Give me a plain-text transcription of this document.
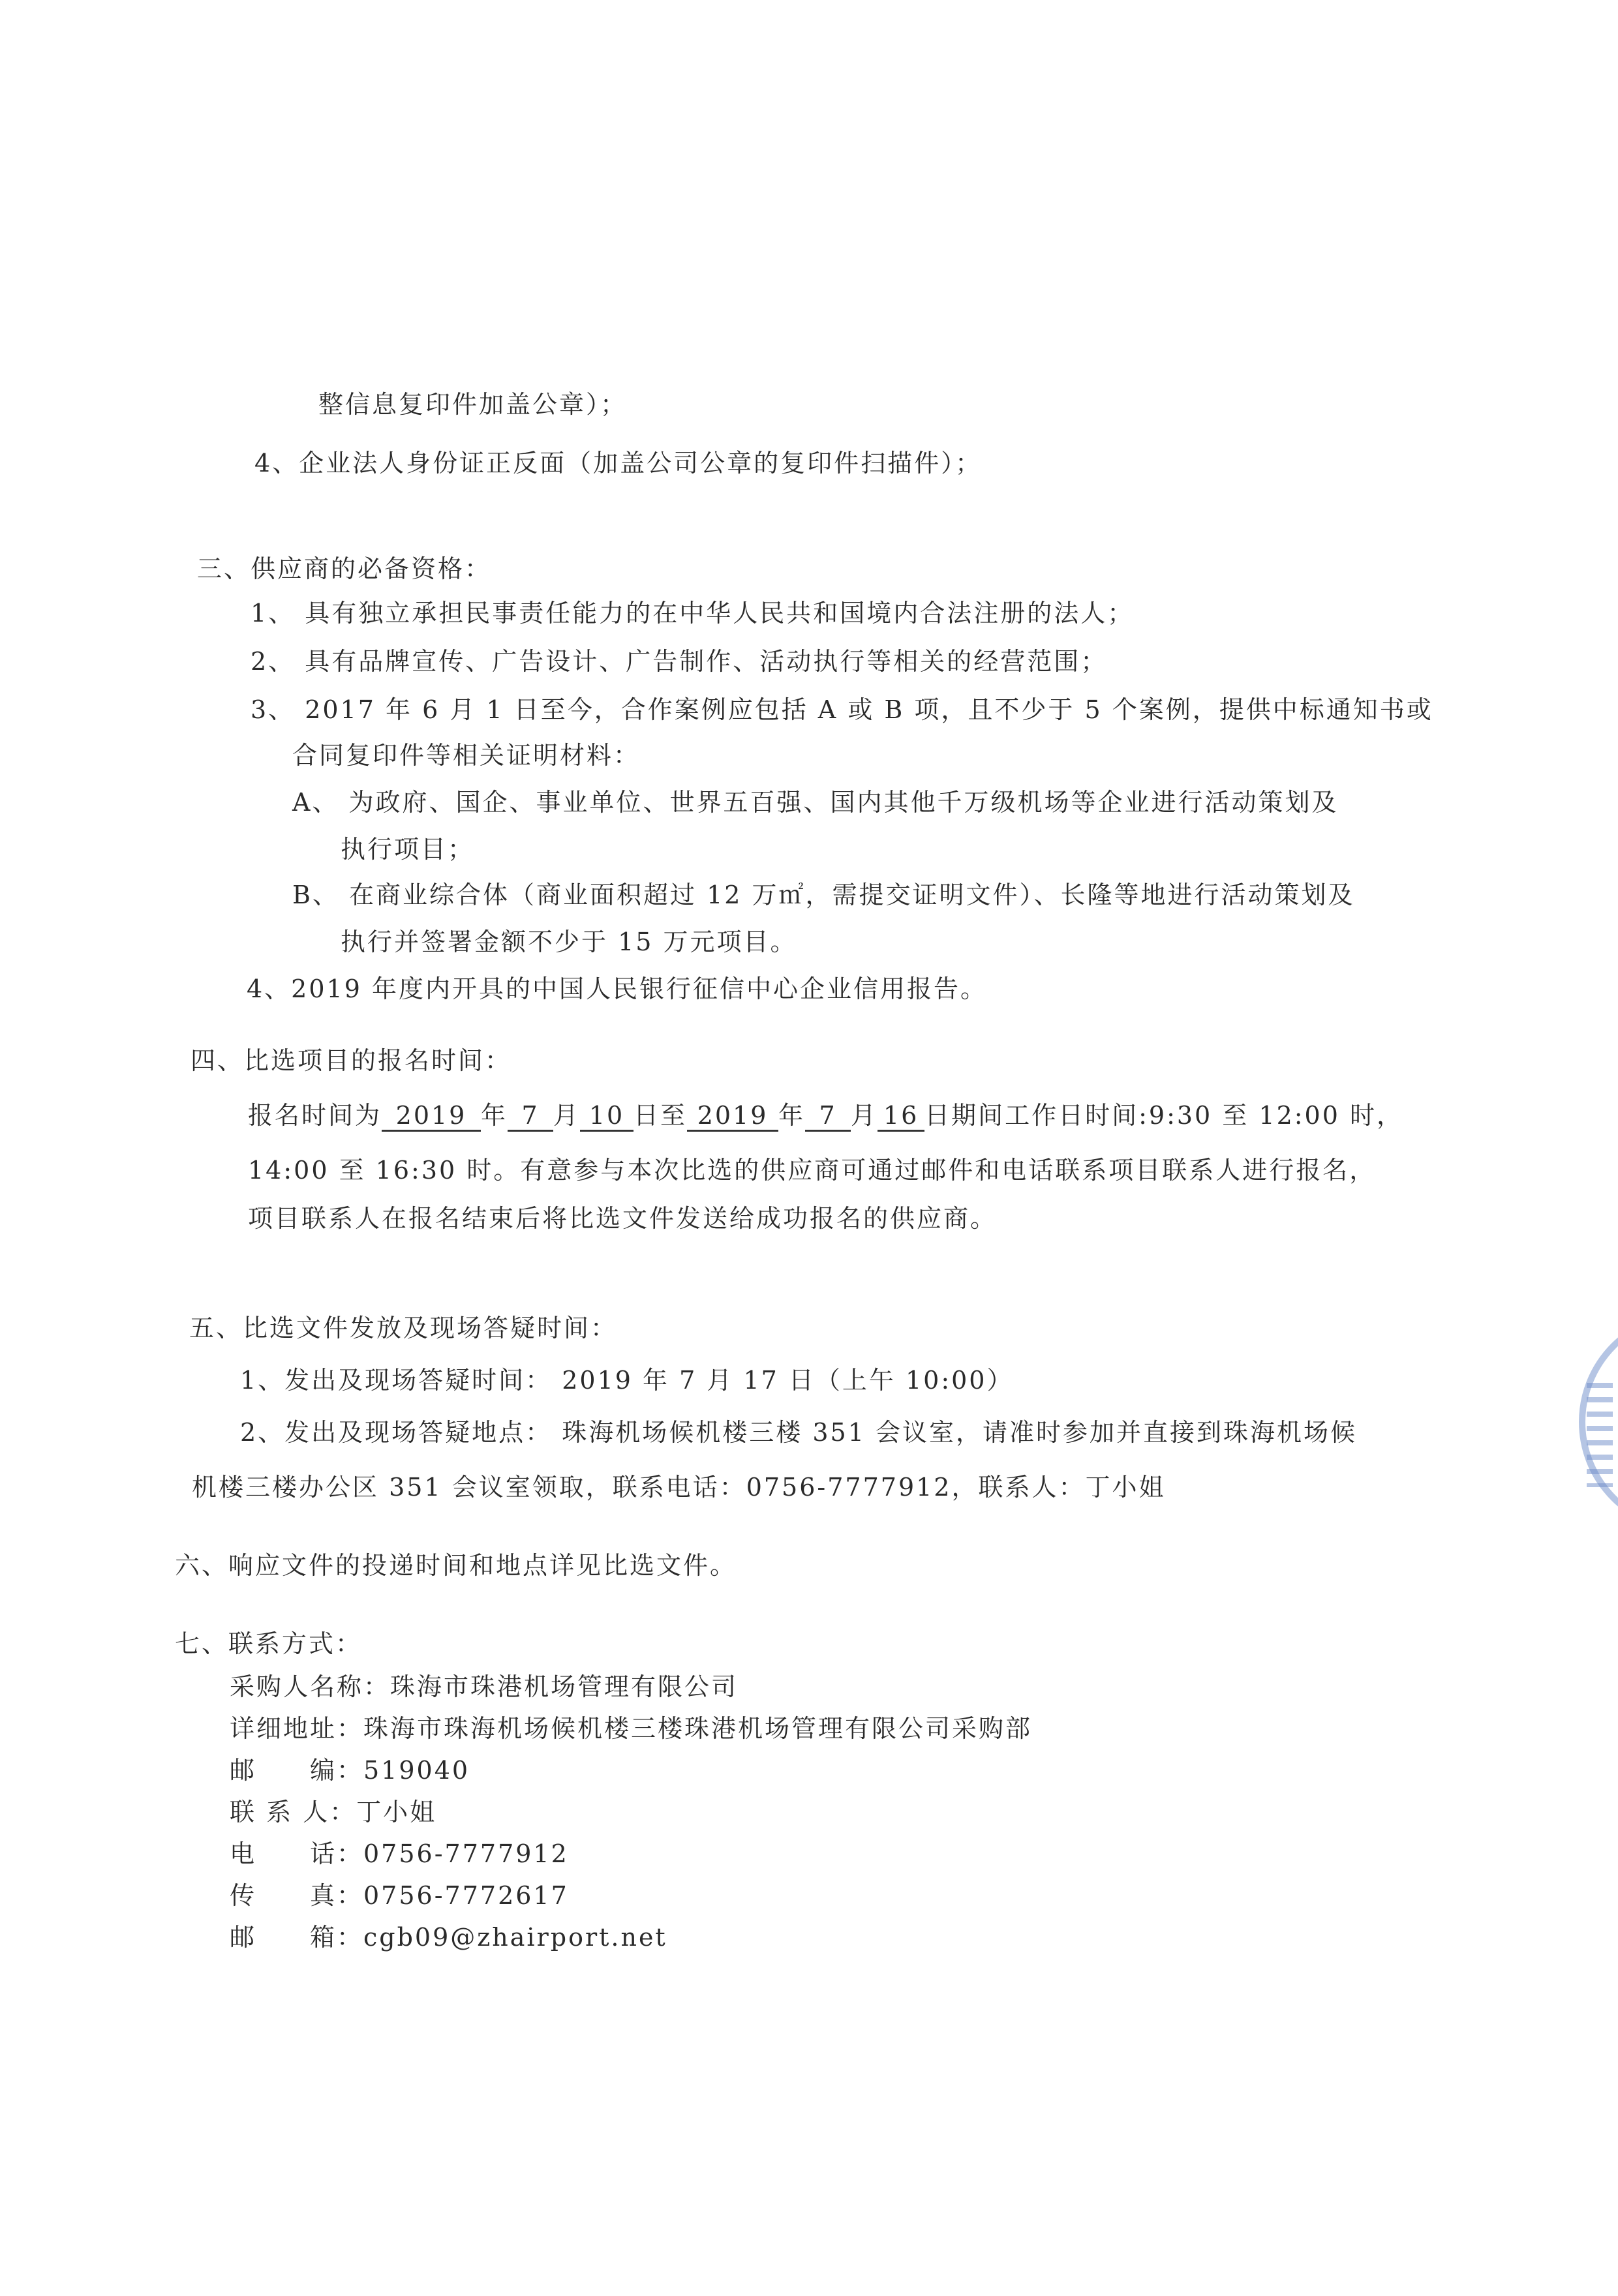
整信息复印件加盖公章）；
4、企业法人身份证正反面（加盖公司公章的复印件扫描件）；
三、供应商的必备资格：
1、 具有独立承担民事责任能力的在中华人民共和国境内合法注册的法人；
2、 具有品牌宣传、广告设计、广告制作、活动执行等相关的经营范围；
3、 2017 年 6 月 1 日至今，合作案例应包括 A 或 B 项，且不少于 5 个案例，提供中标通知书或
合同复印件等相关证明材料：
A、 为政府、国企、事业单位、世界五百强、国内其他千万级机场等企业进行活动策划及
执行项目；
B、 在商业综合体（商业面积超过 12 万㎡，需提交证明文件）、长隆等地进行活动策划及
执行并签署金额不少于 15 万元项目。
4、2019 年度内开具的中国人民银行征信中心企业信用报告。
四、比选项目的报名时间：
报名时间为 2019 年 7 月 10 日至 2019 年 7 月 16 日期间工作日时间:9:30 至 12:00 时，
14:00 至 16:30 时。有意参与本次比选的供应商可通过邮件和电话联系项目联系人进行报名，
项目联系人在报名结束后将比选文件发送给成功报名的供应商。
五、比选文件发放及现场答疑时间：
1、发出及现场答疑时间： 2019 年 7 月 17 日（上午 10:00）
2、发出及现场答疑地点： 珠海机场候机楼三楼 351 会议室，请准时参加并直接到珠海机场候
机楼三楼办公区 351 会议室领取，联系电话：0756-7777912，联系人：丁小姐
六、响应文件的投递时间和地点详见比选文件。
七、联系方式：
采购人名称：珠海市珠港机场管理有限公司
详细地址：珠海市珠海机场候机楼三楼珠港机场管理有限公司采购部
邮　　编：519040
联 系 人：丁小姐
电　　话：0756-7777912
传　　真：0756-7772617
邮　　箱：cgb09@zhairport.net
